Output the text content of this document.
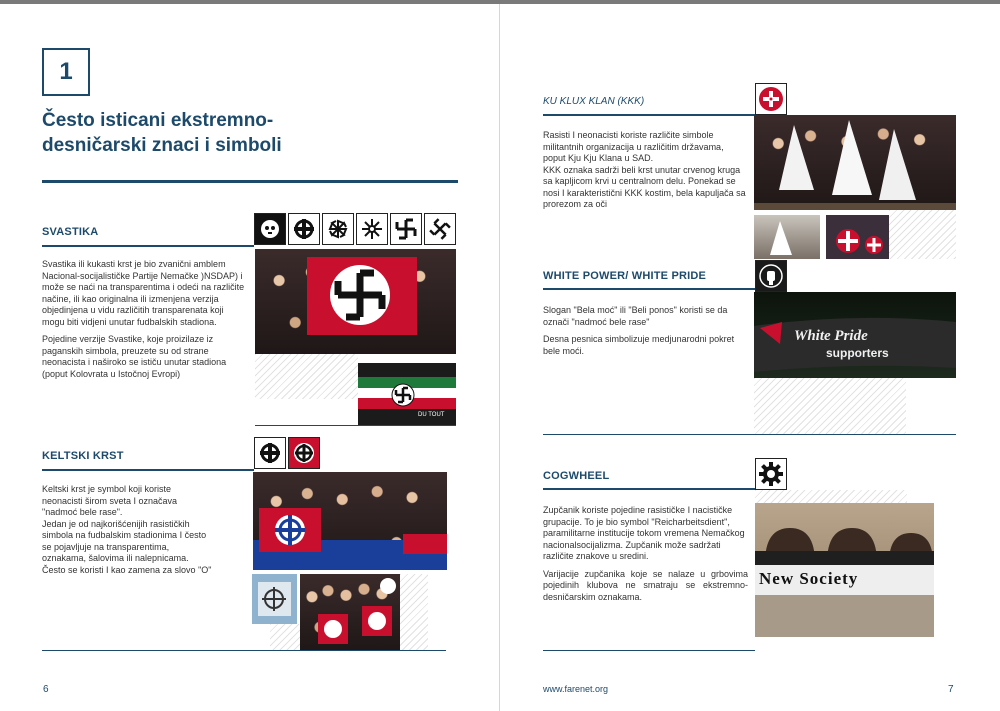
1
Često isticani ekstremno-desničarski znaci i simboli
SVASTIKA

Svastika ili kukasti krst je bio zvanični amblem Nacional-socijalističke Partije Nemačke )NSDAP) i može se naći na transparentima i odeći na različite načine, ili kao originalna ili izmenjena verzija objedinjena u vidu različitih transparenata koji mogu biti vidjeni unutar fudbalskih stadiona.

Pojedine verzije Svastike, koje proizilaze iz paganskih simbola, preuzete su od strane neonacista i naširoko se ističu unutar stadiona (poput Kolovrata u Istočnoj Evropi)

DU TOUT
KELTSKI KRST

Keltski krst je symbol koji koriste neonacisti širom sveta I označava "nadmoć bele rase".

Jedan je od najkorišćenijih rasističkih simbola na fudbalskim stadionima I često se pojavljuje na transparentima, oznakama, šalovima ili nalepnicama. Često se koristi I kao zamena za slovo "O"

6
KU KLUX KLAN (KKK)

Rasisti I neonacisti koriste različite simbole militantnih organizacija u različitim državama, poput Kju Kju Klana u SAD.

KKK oznaka sadrži beli krst unutar crvenog kruga sa kapljicom krvi u centralnom delu. Ponekad se nosi I karakteristični KKK kostim, bela kapuljača sa prorezom za oči

WHITE POWER/ WHITE PRIDE

Slogan "Bela moć" ili "Beli ponos" koristi se da označi "nadmoć bele rase"

Desna pesnica simbolizuje medjunarodni pokret bele moći.

White Pride
supporters
COGWHEEL

Zupčanik koriste pojedine rasističke I nacističke grupacije. To je bio symbol "Reicharbeitsdient", paramilitarne institucije tokom vremena Nemačkog nacionalsocijalizma. Zupčanik može sadržati različite znakove u sredini.

Varijacije zupčanika koje se nalaze u grbovima pojedinih klubova ne smatraju se ekstremno-desničarskim oznakama.

New Society
www.farenet.org	7
